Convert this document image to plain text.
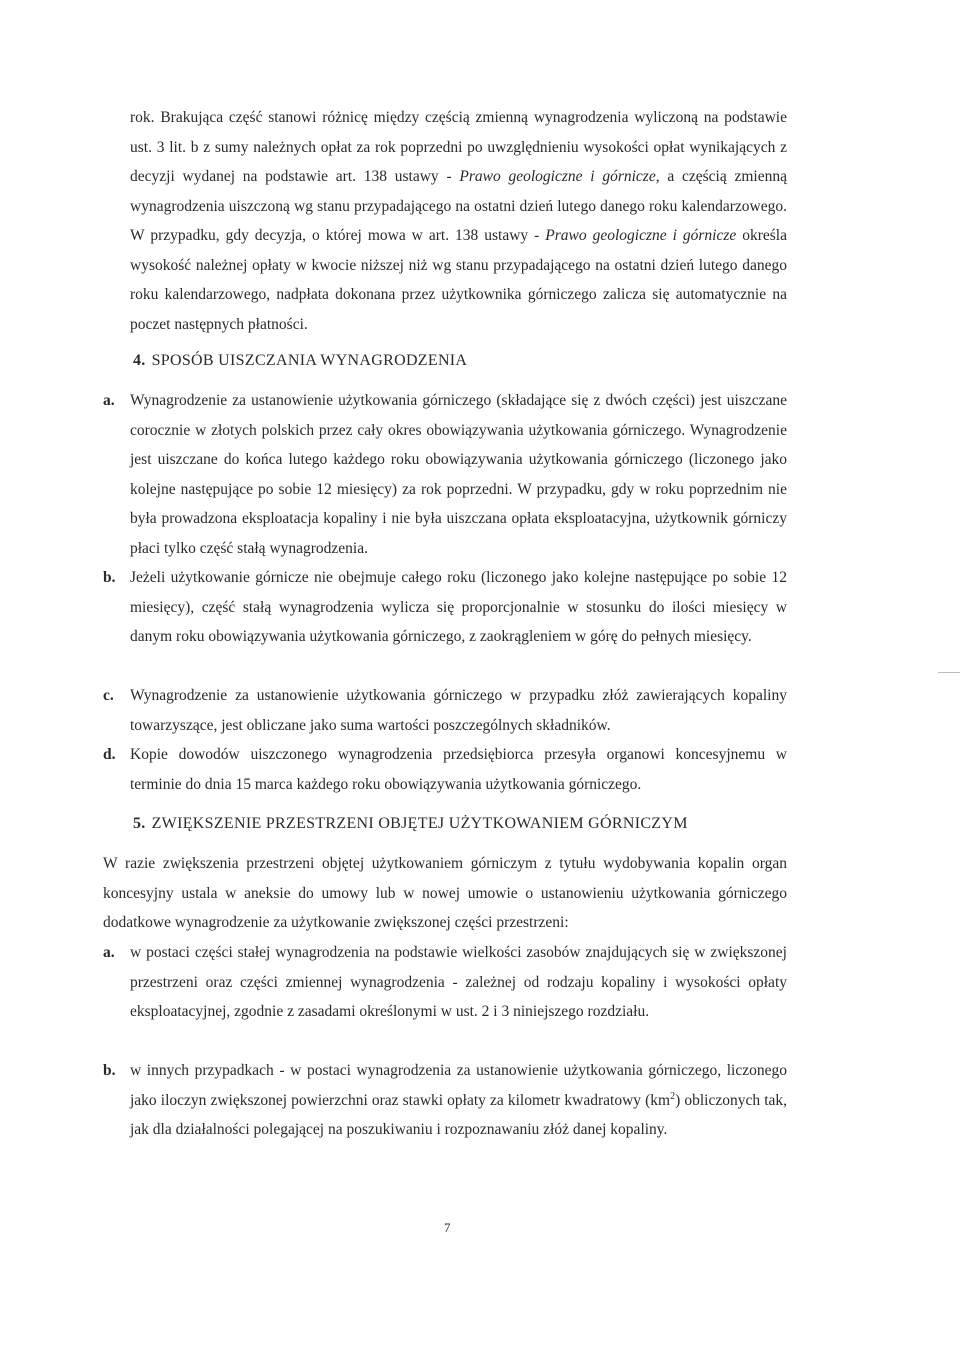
rok. Brakująca część stanowi różnicę między częścią zmienną wynagrodzenia wyliczoną na podstawie ust. 3 lit. b z sumy należnych opłat za rok poprzedni po uwzględnieniu wysokości opłat wynikających z decyzji wydanej na podstawie art. 138 ustawy - Prawo geologiczne i górnicze, a częścią zmienną wynagrodzenia uiszczoną wg stanu przypadającego na ostatni dzień lutego danego roku kalendarzowego. W przypadku, gdy decyzja, o której mowa w art. 138 ustawy - Prawo geologiczne i górnicze określa wysokość należnej opłaty w kwocie niższej niż wg stanu przypadającego na ostatni dzień lutego danego roku kalendarzowego, nadpłata dokonana przez użytkownika górniczego zalicza się automatycznie na poczet następnych płatności.

4. SPOSÓB UISZCZANIA WYNAGRODZENIA
a. Wynagrodzenie za ustanowienie użytkowania górniczego (składające się z dwóch części) jest uiszczane corocznie w złotych polskich przez cały okres obowiązywania użytkowania górniczego. Wynagrodzenie jest uiszczane do końca lutego każdego roku obowiązywania użytkowania górniczego (liczonego jako kolejne następujące po sobie 12 miesięcy) za rok poprzedni. W przypadku, gdy w roku poprzednim nie była prowadzona eksploatacja kopaliny i nie była uiszczana opłata eksploatacyjna, użytkownik górniczy płaci tylko część stałą wynagrodzenia.
b. Jeżeli użytkowanie górnicze nie obejmuje całego roku (liczonego jako kolejne następujące po sobie 12 miesięcy), część stałą wynagrodzenia wylicza się proporcjonalnie w stosunku do ilości miesięcy w danym roku obowiązywania użytkowania górniczego, z zaokrągleniem w górę do pełnych miesięcy.
c.	Wynagrodzenie za ustanowienie użytkowania górniczego w przypadku złóż zawierających kopaliny towarzyszące, jest obliczane jako suma wartości poszczególnych składników.
d. Kopie dowodów uiszczonego wynagrodzenia przedsiębiorca przesyła organowi koncesyjnemu w terminie do dnia 15 marca każdego roku obowiązywania użytkowania górniczego.
5. ZWIĘKSZENIE PRZESTRZENI OBJĘTEJ UŻYTKOWANIEM GÓRNICZYM

W razie zwiększenia przestrzeni objętej użytkowaniem górniczym z tytułu wydobywania kopalin organ koncesyjny ustala w aneksie do umowy lub w nowej umowie o ustanowieniu użytkowania górniczego dodatkowe wynagrodzenie za użytkowanie zwiększonej części przestrzeni:

a. w postaci części stałej wynagrodzenia na podstawie wielkości zasobów znajdujących się w zwiększonej przestrzeni oraz części zmiennej wynagrodzenia - zależnej od rodzaju kopaliny i wysokości opłaty eksploatacyjnej, zgodnie z zasadami określonymi w ust. 2 i 3 niniejszego rozdziału.
b. w innych przypadkach - w postaci wynagrodzenia za ustanowienie użytkowania górniczego, liczonego jako iloczyn zwiększonej powierzchni oraz stawki opłaty za kilometr kwadratowy $(km^2)$ obliczonych tak, jak dla działalności polegającej na poszukiwaniu i rozpoznawaniu złóż danej kopaliny.
7
